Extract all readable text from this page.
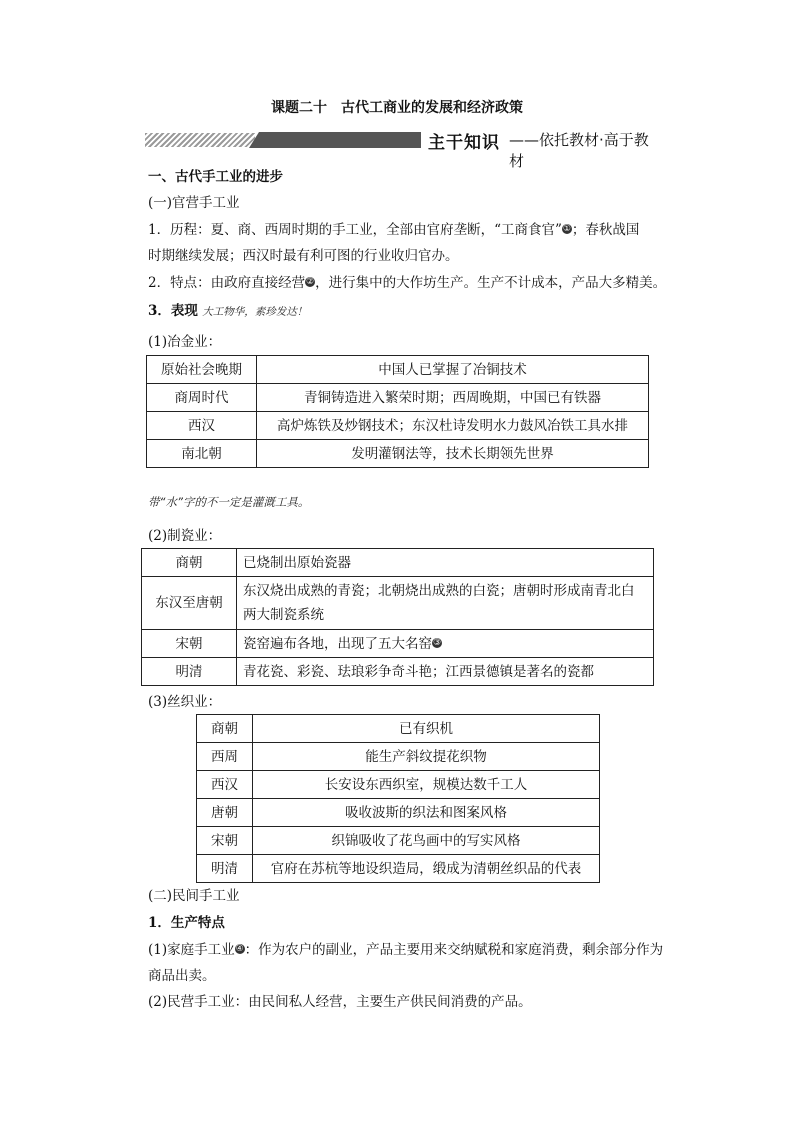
课题二十　古代工商业的发展和经济政策
主干知识 ——依托教材·高于教材
一、古代手工业的进步
(一)官营手工业
1．历程：夏、商、西周时期的手工业，全部由官府垄断，“工商食官”①；春秋战国
时期继续发展；西汉时最有利可图的行业收归官办。
2．特点：由政府直接经营②，进行集中的大作坊生产。生产不计成本，产品大多精美。
3．表现 大工物华，素珍发达！
(1)冶金业：
原始社会晚期	中国人已掌握了冶铜技术
商周时代	青铜铸造进入繁荣时期；西周晚期，中国已有铁器
西汉	高炉炼铁及炒钢技术；东汉杜诗发明水力鼓风冶铁工具水排
南北朝	发明灌钢法等，技术长期领先世界
带“水”字的不一定是灌溉工具。
(2)制瓷业：
商朝	已烧制出原始瓷器
东汉至唐朝	东汉烧出成熟的青瓷；北朝烧出成熟的白瓷；唐朝时形成南青北白两大制瓷系统
宋朝	瓷窑遍布各地，出现了五大名窑③
明清	青花瓷、彩瓷、珐琅彩争奇斗艳；江西景德镇是著名的瓷都
(3)丝织业：
商朝	已有织机
西周	能生产斜纹提花织物
西汉	长安设东西织室，规模达数千工人
唐朝	吸收波斯的织法和图案风格
宋朝	织锦吸收了花鸟画中的写实风格
明清	官府在苏杭等地设织造局，缎成为清朝丝织品的代表
(二)民间手工业
1．生产特点
(1)家庭手工业④：作为农户的副业，产品主要用来交纳赋税和家庭消费，剩余部分作为
商品出卖。
(2)民营手工业：由民间私人经营，主要生产供民间消费的产品。
